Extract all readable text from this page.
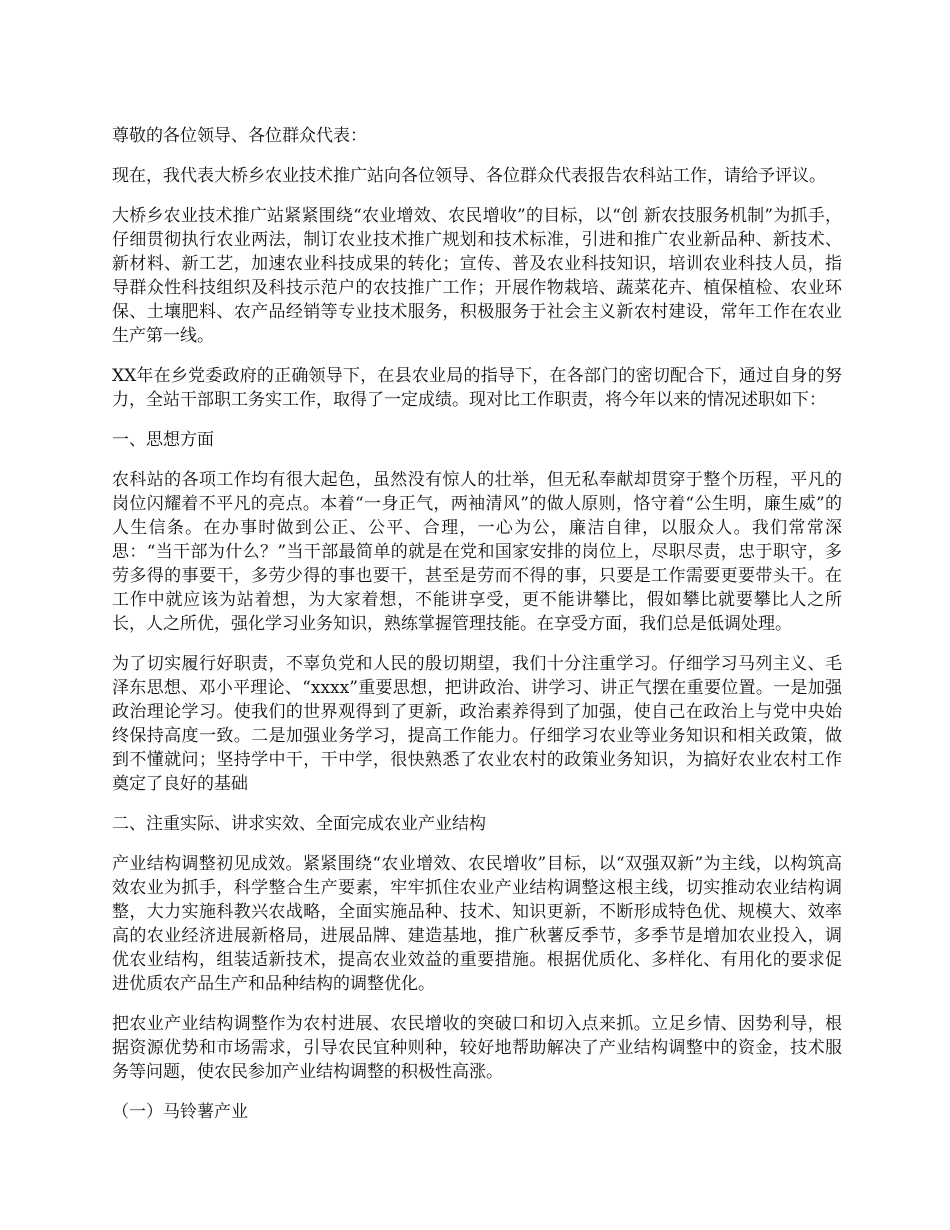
尊敬的各位领导、各位群众代表：

现在，我代表大桥乡农业技术推广站向各位领导、各位群众代表报告农科站工作，请给予评议。

大桥乡农业技术推广站紧紧围绕“农业增效、农民增收”的目标，以“创 新农技服务机制”为抓手，仔细贯彻执行农业两法，制订农业技术推广规划和技术标准，引进和推广农业新品种、新技术、新材料、新工艺，加速农业科技成果的转化；宣传、普及农业科技知识，培训农业科技人员，指导群众性科技组织及科技示范户的农技推广工作；开展作物栽培、蔬菜花卉、植保植检、农业环保、土壤肥料、农产品经销等专业技术服务，积极服务于社会主义新农村建设，常年工作在农业生产第一线。

XX年在乡党委政府的正确领导下，在县农业局的指导下，在各部门的密切配合下，通过自身的努力，全站干部职工务实工作，取得了一定成绩。现对比工作职责，将今年以来的情况述职如下：

一、思想方面

农科站的各项工作均有很大起色，虽然没有惊人的壮举，但无私奉献却贯穿于整个历程，平凡的岗位闪耀着不平凡的亮点。本着“一身正气，两袖清风”的做人原则，恪守着“公生明，廉生威”的人生信条。在办事时做到公正、公平、合理，一心为公，廉洁自律，以服众人。我们常常深思：“当干部为什么？”当干部最简单的就是在党和国家安排的岗位上，尽职尽责，忠于职守，多劳多得的事要干，多劳少得的事也要干，甚至是劳而不得的事，只要是工作需要更要带头干。在工作中就应该为站着想，为大家着想，不能讲享受，更不能讲攀比，假如攀比就要攀比人之所长，人之所优，强化学习业务知识，熟练掌握管理技能。在享受方面，我们总是低调处理。

为了切实履行好职责，不辜负党和人民的殷切期望，我们十分注重学习。仔细学习马列主义、毛泽东思想、邓小平理论、“xxxx”重要思想，把讲政治、讲学习、讲正气摆在重要位置。一是加强政治理论学习。使我们的世界观得到了更新，政治素养得到了加强，使自己在政治上与党中央始终保持高度一致。二是加强业务学习，提高工作能力。仔细学习农业等业务知识和相关政策，做到不懂就问；坚持学中干，干中学，很快熟悉了农业农村的政策业务知识，为搞好农业农村工作奠定了良好的基础

二、注重实际、讲求实效、全面完成农业产业结构

产业结构调整初见成效。紧紧围绕“农业增效、农民增收”目标，以“双强双新”为主线，以构筑高效农业为抓手，科学整合生产要素，牢牢抓住农业产业结构调整这根主线，切实推动农业结构调整，大力实施科教兴农战略，全面实施品种、技术、知识更新，不断形成特色优、规模大、效率高的农业经济进展新格局，进展品牌、建造基地，推广秋薯反季节，多季节是增加农业投入，调优农业结构，组装适新技术，提高农业效益的重要措施。根据优质化、多样化、有用化的要求促进优质农产品生产和品种结构的调整优化。

把农业产业结构调整作为农村进展、农民增收的突破口和切入点来抓。立足乡情、因势利导，根据资源优势和市场需求，引导农民宜种则种，较好地帮助解决了产业结构调整中的资金，技术服务等问题，使农民参加产业结构调整的积极性高涨。

（一）马铃薯产业
